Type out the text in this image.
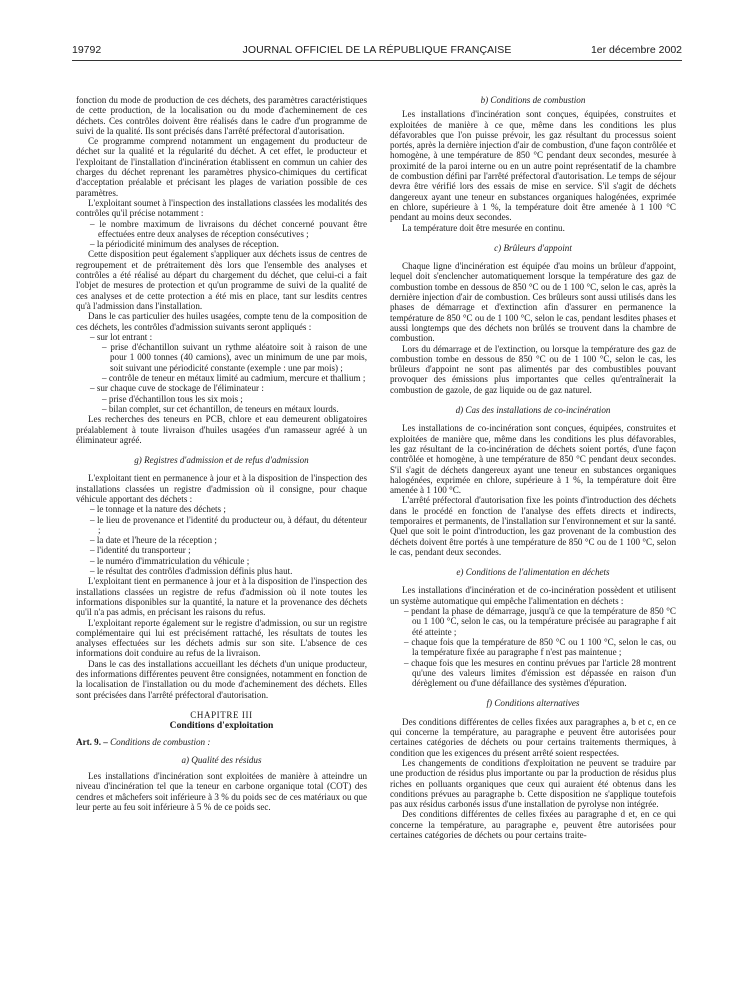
19792	JOURNAL OFFICIEL DE LA RÉPUBLIQUE FRANÇAISE	1er décembre 2002

fonction du mode de production de ces déchets, des paramètres caractéristiques de cette production, de la localisation ou du mode d'acheminement de ces déchets. Ces contrôles doivent être réalisés dans le cadre d'un programme de suivi de la qualité. Ils sont précisés dans l'arrêté préfectoral d'autorisation.

Ce programme comprend notamment un engagement du producteur de déchet sur la qualité et la régularité du déchet. A cet effet, le producteur et l'exploitant de l'installation d'incinération établissent en commun un cahier des charges du déchet reprenant les paramètres physico-chimiques du certificat d'acceptation préalable et précisant les plages de variation possible de ces paramètres.

L'exploitant soumet à l'inspection des installations classées les modalités des contrôles qu'il précise notamment :

– le nombre maximum de livraisons du déchet concerné pouvant être effectuées entre deux analyses de réception consécutives ;
– la périodicité minimum des analyses de réception.

Cette disposition peut également s'appliquer aux déchets issus de centres de regroupement et de prétraitement dès lors que l'ensemble des analyses et contrôles a été réalisé au départ du chargement du déchet, que celui-ci a fait l'objet de mesures de protection et qu'un programme de suivi de la qualité de ces analyses et de cette protection a été mis en place, tant sur lesdits centres qu'à l'admission dans l'installation.

Dans le cas particulier des huiles usagées, compte tenu de la composition de ces déchets, les contrôles d'admission suivants seront appliqués :

– sur lot entrant :
– prise d'échantillon suivant un rythme aléatoire soit à raison de une pour 1 000 tonnes (40 camions), avec un minimum de une par mois, soit suivant une périodicité constante (exemple : une par mois) ;
– contrôle de teneur en métaux limité au cadmium, mercure et thallium ;
– sur chaque cuve de stockage de l'éliminateur :
– prise d'échantillon tous les six mois ;
– bilan complet, sur cet échantillon, de teneurs en métaux lourds.

Les recherches des teneurs en PCB, chlore et eau demeurent obligatoires préalablement à toute livraison d'huiles usagées d'un ramasseur agréé à un éliminateur agréé.

g) Registres d'admission et de refus d'admission

L'exploitant tient en permanence à jour et à la disposition de l'inspection des installations classées un registre d'admission où il consigne, pour chaque véhicule apportant des déchets :

– le tonnage et la nature des déchets ;
– le lieu de provenance et l'identité du producteur ou, à défaut, du détenteur ;
– la date et l'heure de la réception ;
– l'identité du transporteur ;
– le numéro d'immatriculation du véhicule ;
– le résultat des contrôles d'admission définis plus haut.

L'exploitant tient en permanence à jour et à la disposition de l'inspection des installations classées un registre de refus d'admission où il note toutes les informations disponibles sur la quantité, la nature et la provenance des déchets qu'il n'a pas admis, en précisant les raisons du refus.

L'exploitant reporte également sur le registre d'admission, ou sur un registre complémentaire qui lui est précisément rattaché, les résultats de toutes les analyses effectuées sur les déchets admis sur son site. L'absence de ces informations doit conduire au refus de la livraison.

Dans le cas des installations accueillant les déchets d'un unique producteur, des informations différentes peuvent être consignées, notamment en fonction de la localisation de l'installation ou du mode d'acheminement des déchets. Elles sont précisées dans l'arrêté préfectoral d'autorisation.

CHAPITRE III
Conditions d'exploitation
Art. 9. – Conditions de combustion :
a) Qualité des résidus

Les installations d'incinération sont exploitées de manière à atteindre un niveau d'incinération tel que la teneur en carbone organique total (COT) des cendres et mâchefers soit inférieure à 3 % du poids sec de ces matériaux ou que leur perte au feu soit inférieure à 5 % de ce poids sec.

b) Conditions de combustion

Les installations d'incinération sont conçues, équipées, construites et exploitées de manière à ce que, même dans les conditions les plus défavorables que l'on puisse prévoir, les gaz résultant du processus soient portés, après la dernière injection d'air de combustion, d'une façon contrôlée et homogène, à une température de 850 °C pendant deux secondes, mesurée à proximité de la paroi interne ou en un autre point représentatif de la chambre de combustion défini par l'arrêté préfectoral d'autorisation. Le temps de séjour devra être vérifié lors des essais de mise en service. S'il s'agit de déchets dangereux ayant une teneur en substances organiques halogénées, exprimée en chlore, supérieure à 1 %, la température doit être amenée à 1 100 °C pendant au moins deux secondes.

La température doit être mesurée en continu.

c) Brûleurs d'appoint

Chaque ligne d'incinération est équipée d'au moins un brûleur d'appoint, lequel doit s'enclencher automatiquement lorsque la température des gaz de combustion tombe en dessous de 850 °C ou de 1 100 °C, selon le cas, après la dernière injection d'air de combustion. Ces brûleurs sont aussi utilisés dans les phases de démarrage et d'extinction afin d'assurer en permanence la température de 850 °C ou de 1 100 °C, selon le cas, pendant lesdites phases et aussi longtemps que des déchets non brûlés se trouvent dans la chambre de combustion.

Lors du démarrage et de l'extinction, ou lorsque la température des gaz de combustion tombe en dessous de 850 °C ou de 1 100 °C, selon le cas, les brûleurs d'appoint ne sont pas alimentés par des combustibles pouvant provoquer des émissions plus importantes que celles qu'entraînerait la combustion de gazole, de gaz liquide ou de gaz naturel.

d) Cas des installations de co-incinération

Les installations de co-incinération sont conçues, équipées, construites et exploitées de manière que, même dans les conditions les plus défavorables, les gaz résultant de la co-incinération de déchets soient portés, d'une façon contrôlée et homogène, à une température de 850 °C pendant deux secondes. S'il s'agit de déchets dangereux ayant une teneur en substances organiques halogénées, exprimée en chlore, supérieure à 1 %, la température doit être amenée à 1 100 °C.

L'arrêté préfectoral d'autorisation fixe les points d'introduction des déchets dans le procédé en fonction de l'analyse des effets directs et indirects, temporaires et permanents, de l'installation sur l'environnement et sur la santé. Quel que soit le point d'introduction, les gaz provenant de la combustion des déchets doivent être portés à une température de 850 °C ou de 1 100 °C, selon le cas, pendant deux secondes.

e) Conditions de l'alimentation en déchets

Les installations d'incinération et de co-incinération possèdent et utilisent un système automatique qui empêche l'alimentation en déchets :

– pendant la phase de démarrage, jusqu'à ce que la température de 850 °C ou 1 100 °C, selon le cas, ou la température précisée au paragraphe f ait été atteinte ;
– chaque fois que la température de 850 °C ou 1 100 °C, selon le cas, ou la température fixée au paragraphe f n'est pas maintenue ;
– chaque fois que les mesures en continu prévues par l'article 28 montrent qu'une des valeurs limites d'émission est dépassée en raison d'un dérèglement ou d'une défaillance des systèmes d'épuration.
f) Conditions alternatives

Des conditions différentes de celles fixées aux paragraphes a, b et c, en ce qui concerne la température, au paragraphe e peuvent être autorisées pour certaines catégories de déchets ou pour certains traitements thermiques, à condition que les exigences du présent arrêté soient respectées.

Les changements de conditions d'exploitation ne peuvent se traduire par une production de résidus plus importante ou par la production de résidus plus riches en polluants organiques que ceux qui auraient été obtenus dans les conditions prévues au paragraphe b. Cette disposition ne s'applique toutefois pas aux résidus carbonés issus d'une installation de pyrolyse non intégrée.

Des conditions différentes de celles fixées au paragraphe d et, en ce qui concerne la température, au paragraphe e, peuvent être autorisées pour certaines catégories de déchets ou pour certains traite-
